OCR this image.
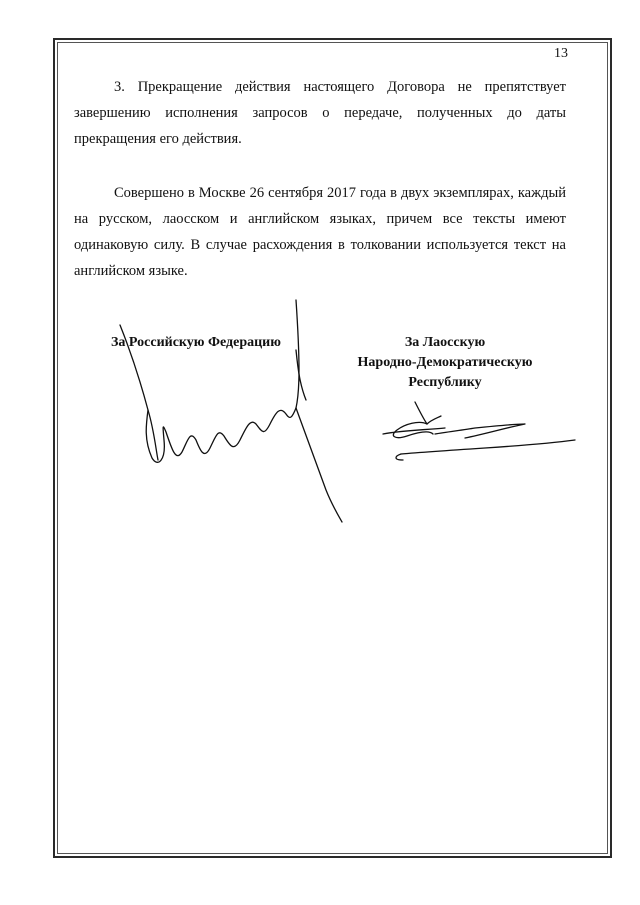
13

3. Прекращение действия настоящего Договора не препятствует завершению исполнения запросов о передаче, полученных до даты прекращения его действия.

Совершено в Москве 26 сентября 2017 года в двух экземплярах, каждый на русском, лаосском и английском языках, причем все тексты имеют одинаковую силу. В случае расхождения в толковании используется текст на английском языке.

За Российскую Федерацию	За Лаосскую
Народно-Демократическую
Республику
